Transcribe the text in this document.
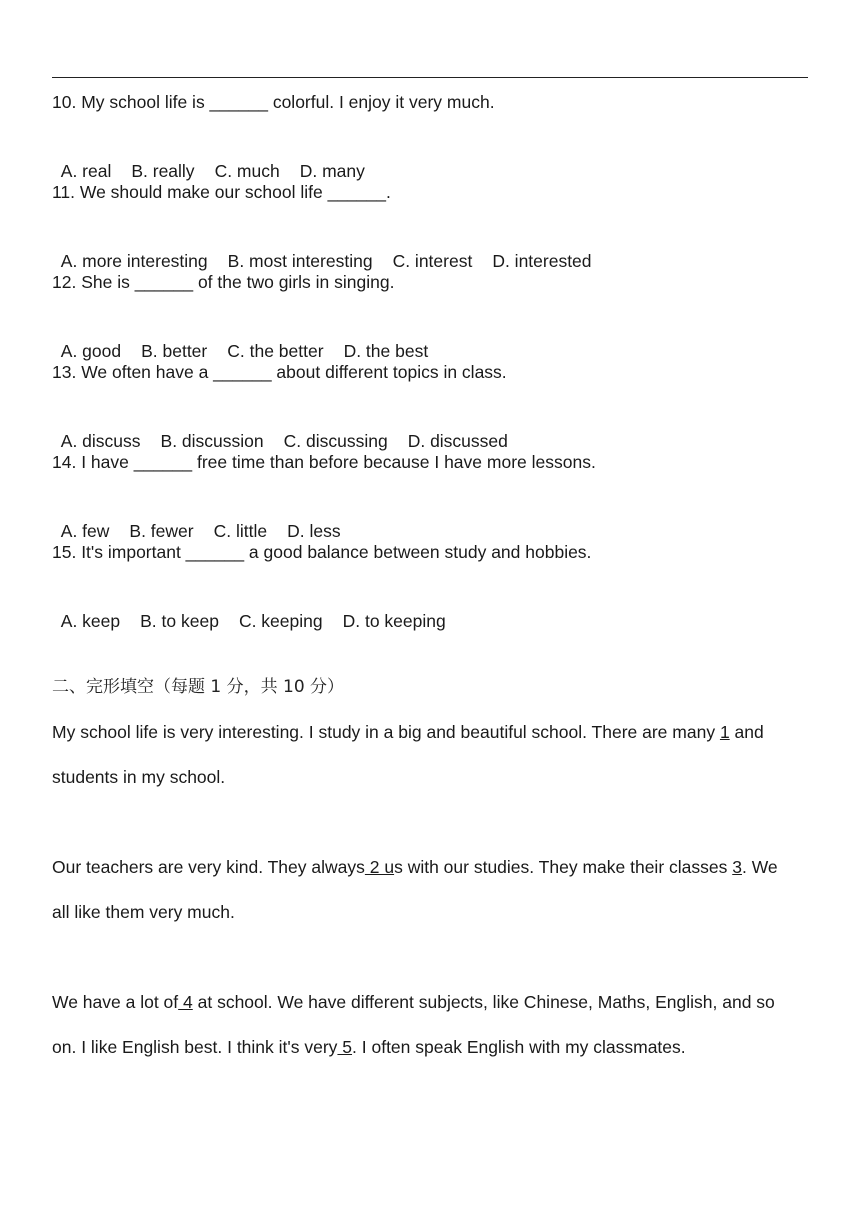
10. My school life is ______ colorful. I enjoy it very much.

A. real B. really C. much D. many

11. We should make our school life ______.

A. more interesting B. most interesting C. interest D. interested

12. She is ______ of the two girls in singing.

A. good B. better C. the better D. the best

13. We often have a ______ about different topics in class.

A. discuss B. discussion C. discussing D. discussed

14. I have ______ free time than before because I have more lessons.

A. few B. fewer C. little D. less

15. It's important ______ a good balance between study and hobbies.

A. keep B. to keep C. keeping D. to keeping

二、完形填空（每题 1 分，共 10 分）
My school life is very interesting. I study in a big and beautiful school. There are many 1 and
students in my school.
Our teachers are very kind. They always 2 us with our studies. They make their classes 3. We
all like them very much.
We have a lot of 4 at school. We have different subjects, like Chinese, Maths, English, and so
on. I like English best. I think it's very 5. I often speak English with my classmates.
